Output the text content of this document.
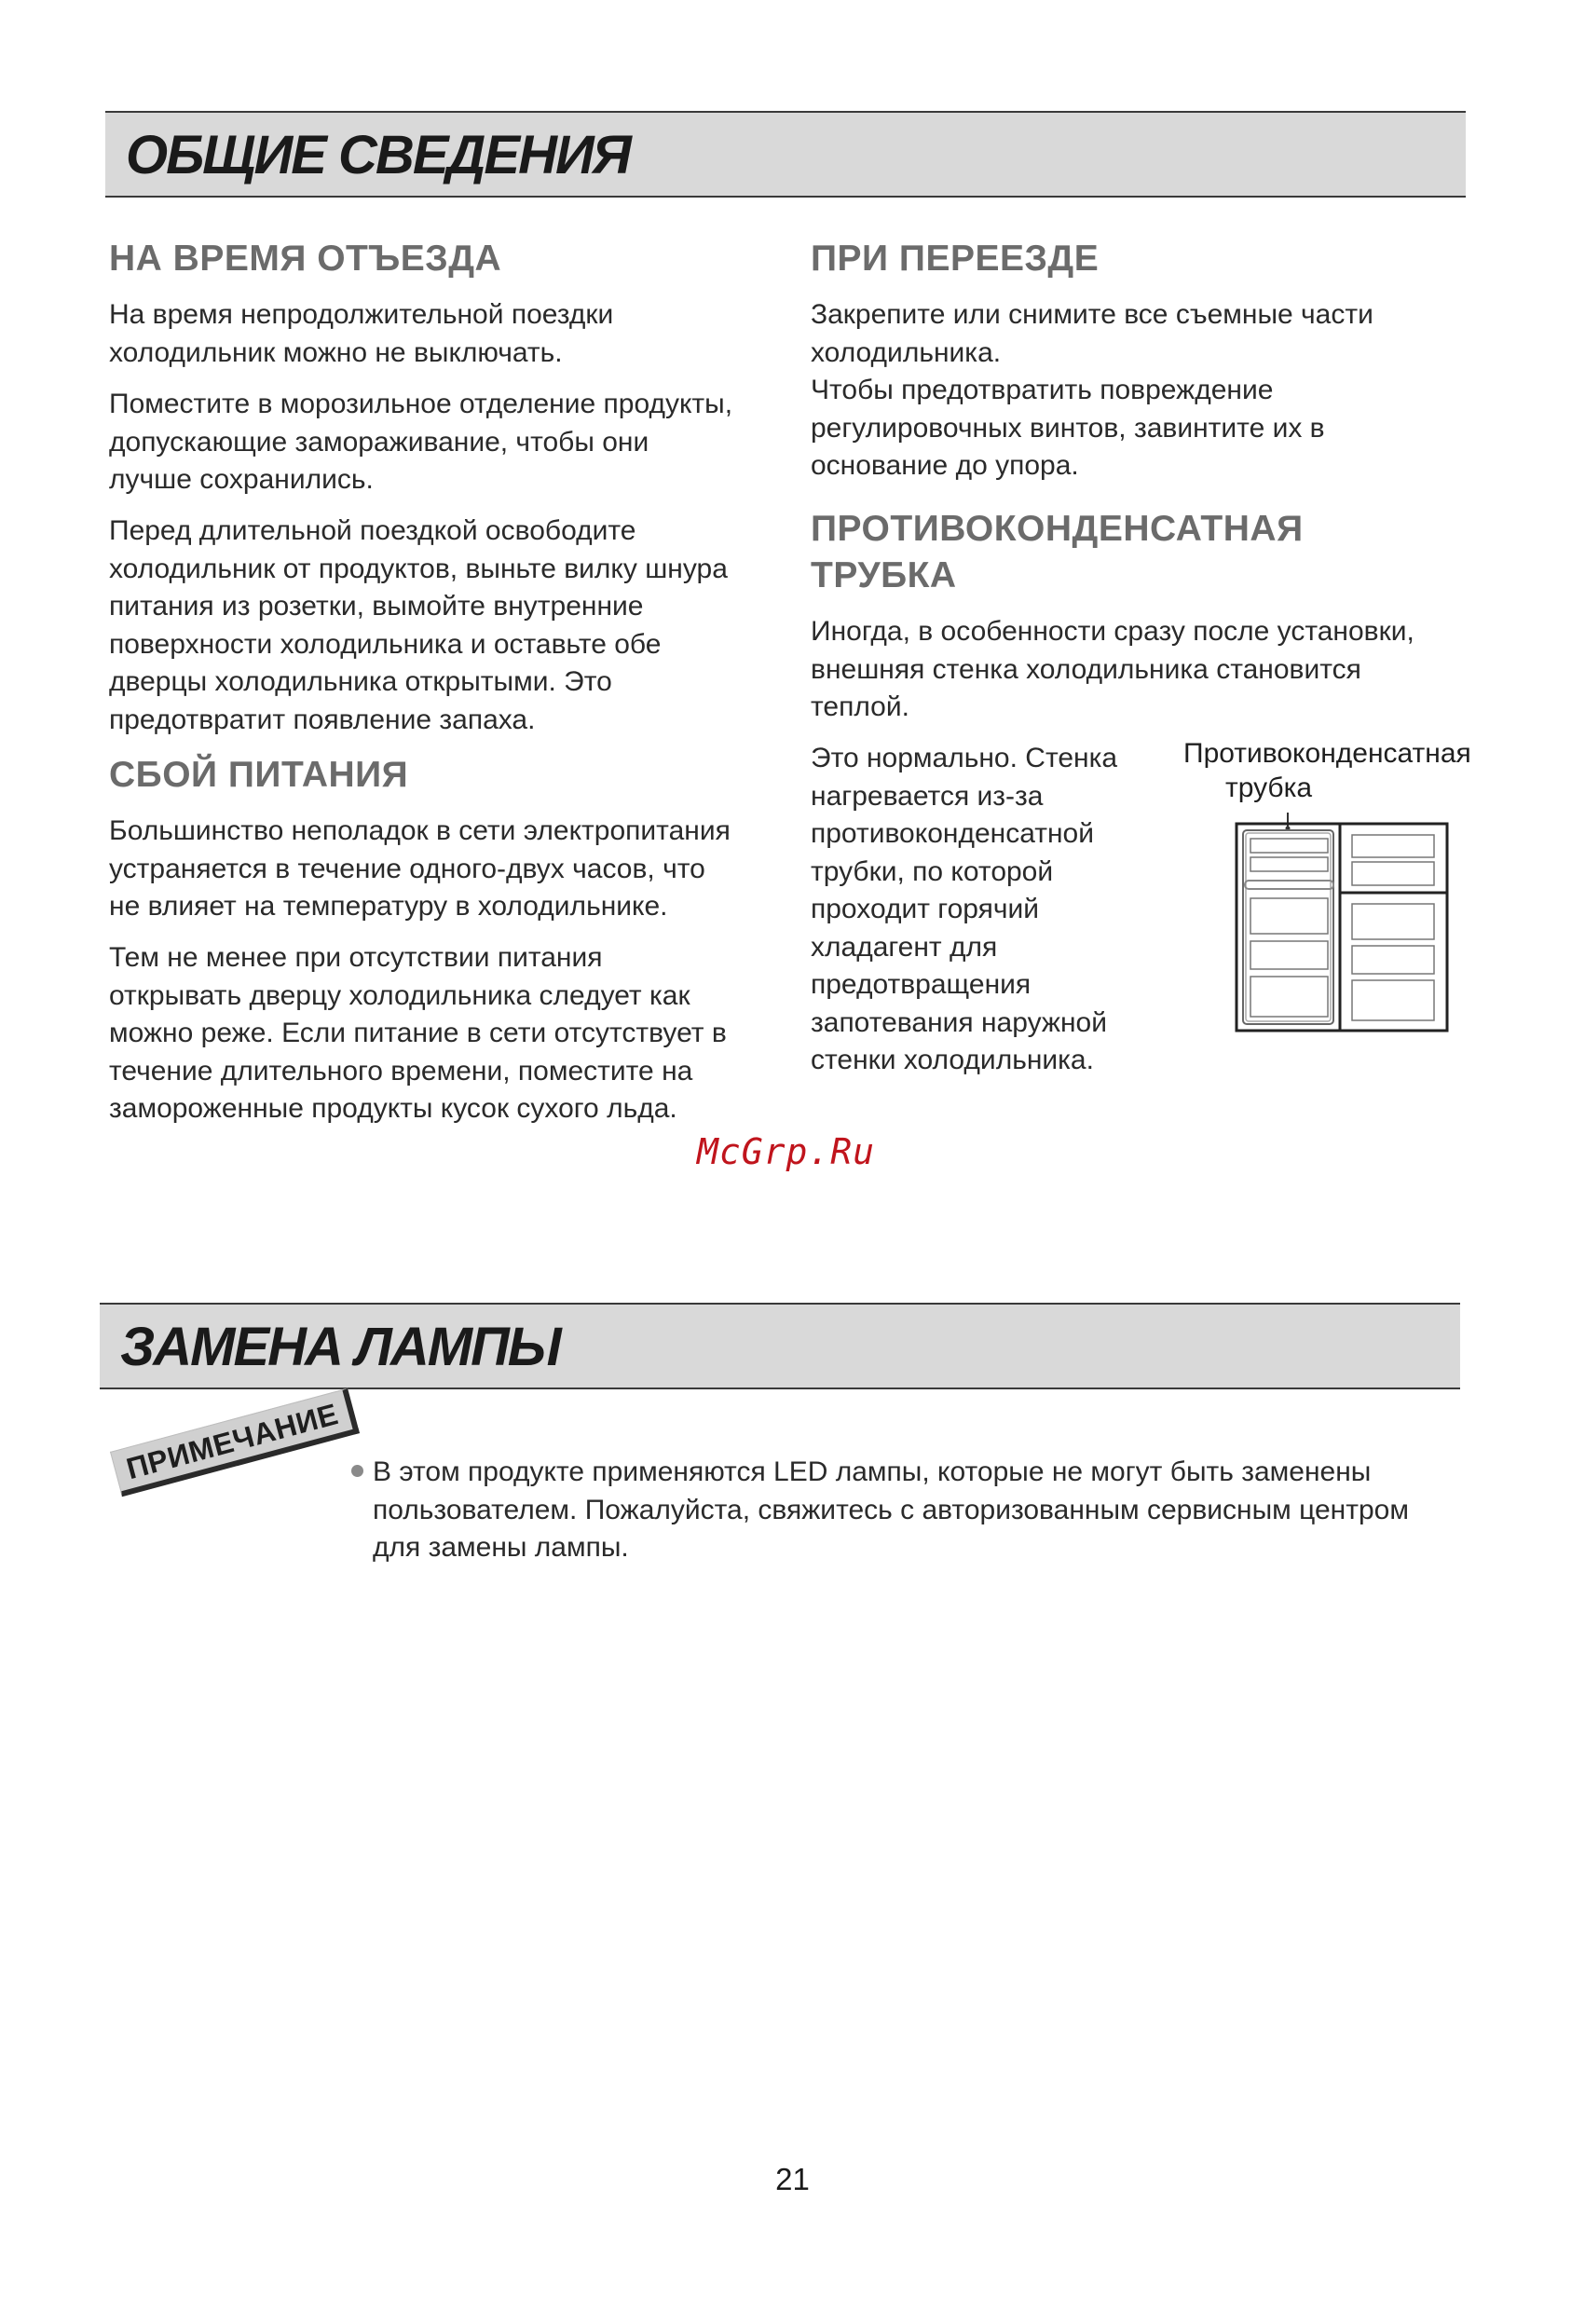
ОБЩИЕ СВЕДЕНИЯ
НА ВРЕМЯ ОТЪЕЗДА
На время непродолжительной поездки
холодильник можно не выключать.
Поместите в морозильное отделение продукты,
допускающие замораживание, чтобы они
лучше сохранились.
Перед длительной поездкой освободите
холодильник от продуктов, выньте вилку шнура
питания из розетки, вымойте внутренние
поверхности холодильника и оставьте обе
дверцы холодильника открытыми. Это
предотвратит появление запаха.
СБОЙ ПИТАНИЯ
Большинство неполадок в сети электропитания
устраняется в течение одного-двух часов, что
не влияет на температуру в холодильнике.
Тем не менее при отсутствии питания
открывать дверцу холодильника следует как
можно реже. Если питание в сети отсутствует в
течение длительного времени, поместите на
замороженные продукты кусок сухого льда.
ПРИ ПЕРЕЕЗДЕ
Закрепите или снимите все съемные части
холодильника.
Чтобы предотвратить повреждение
регулировочных винтов, завинтите их в
основание до упора.
ПРОТИВОКОНДЕНСАТНАЯ
ТРУБКА
Иногда, в особенности сразу после установки,
внешняя стенка холодильника становится
теплой.
Это нормально. Стенка
нагревается из-за
противоконденсатной
трубки, по которой
проходит горячий
хладагент для
предотвращения
запотевания наружной
стенки холодильника.
Противоконденсатная
трубка
McGrp.Ru
ЗАМЕНА ЛАМПЫ
ПРИМЕЧАНИЕ	В этом продукте применяются LED лампы, которые не могут быть заменены
пользователем. Пожалуйста, свяжитесь с авторизованным сервисным центром
для замены лампы.
21
